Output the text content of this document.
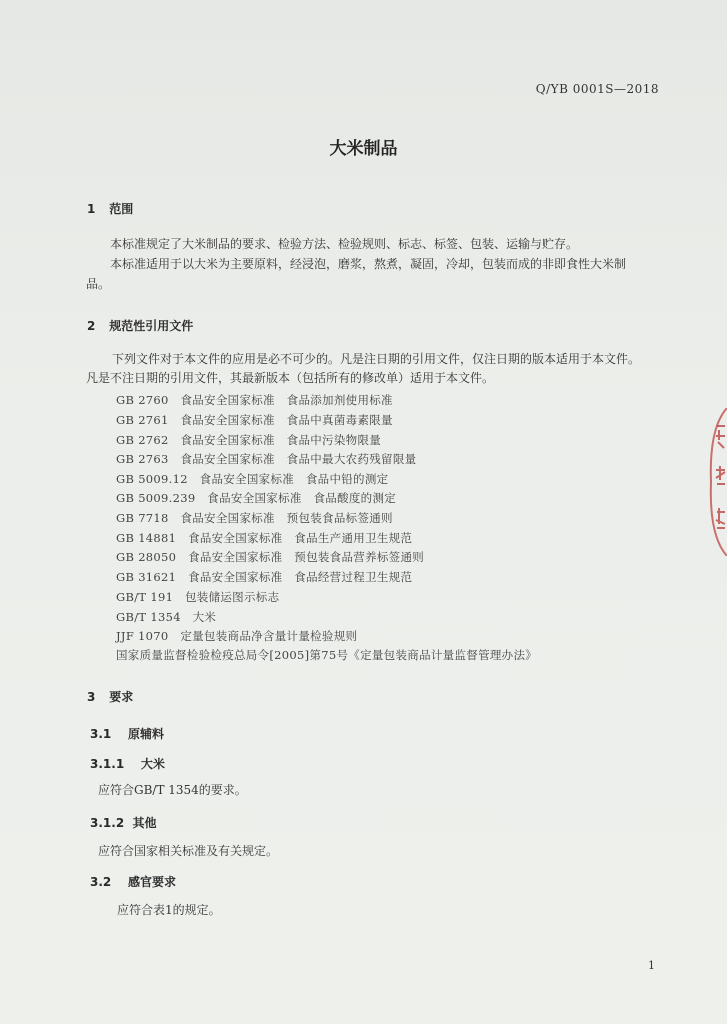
Q/YB 0001S—2018
大米制品
1 范围
本标准规定了大米制品的要求、检验方法、检验规则、标志、标签、包装、运输与贮存。
本标准适用于以大米为主要原料，经浸泡，磨浆，熬煮，凝固，冷却，包装而成的非即食性大米制
品。
2 规范性引用文件
下列文件对于本文件的应用是必不可少的。凡是注日期的引用文件，仅注日期的版本适用于本文件。
凡是不注日期的引用文件，其最新版本（包括所有的修改单）适用于本文件。
GB 2760　食品安全国家标准　食品添加剂使用标准
GB 2761　食品安全国家标准　食品中真菌毒素限量
GB 2762　食品安全国家标准　食品中污染物限量
GB 2763　食品安全国家标准　食品中最大农药残留限量
GB 5009.12　食品安全国家标准　食品中铅的测定
GB 5009.239　食品安全国家标准　食品酸度的测定
GB 7718　食品安全国家标准　预包装食品标签通则
GB 14881　食品安全国家标准　食品生产通用卫生规范
GB 28050　食品安全国家标准　预包装食品营养标签通则
GB 31621　食品安全国家标准　食品经营过程卫生规范
GB/T 191　包装储运图示标志
GB/T 1354　大米
JJF 1070　定量包装商品净含量计量检验规则
国家质量监督检验检疫总局令[2005]第75号《定量包装商品计量监督管理办法》
3 要求
3.1 原辅料
3.1.1 大米
应符合GB/T 1354的要求。
3.1.2 其他
应符合国家相关标准及有关规定。
3.2 感官要求
应符合表1的规定。
1
